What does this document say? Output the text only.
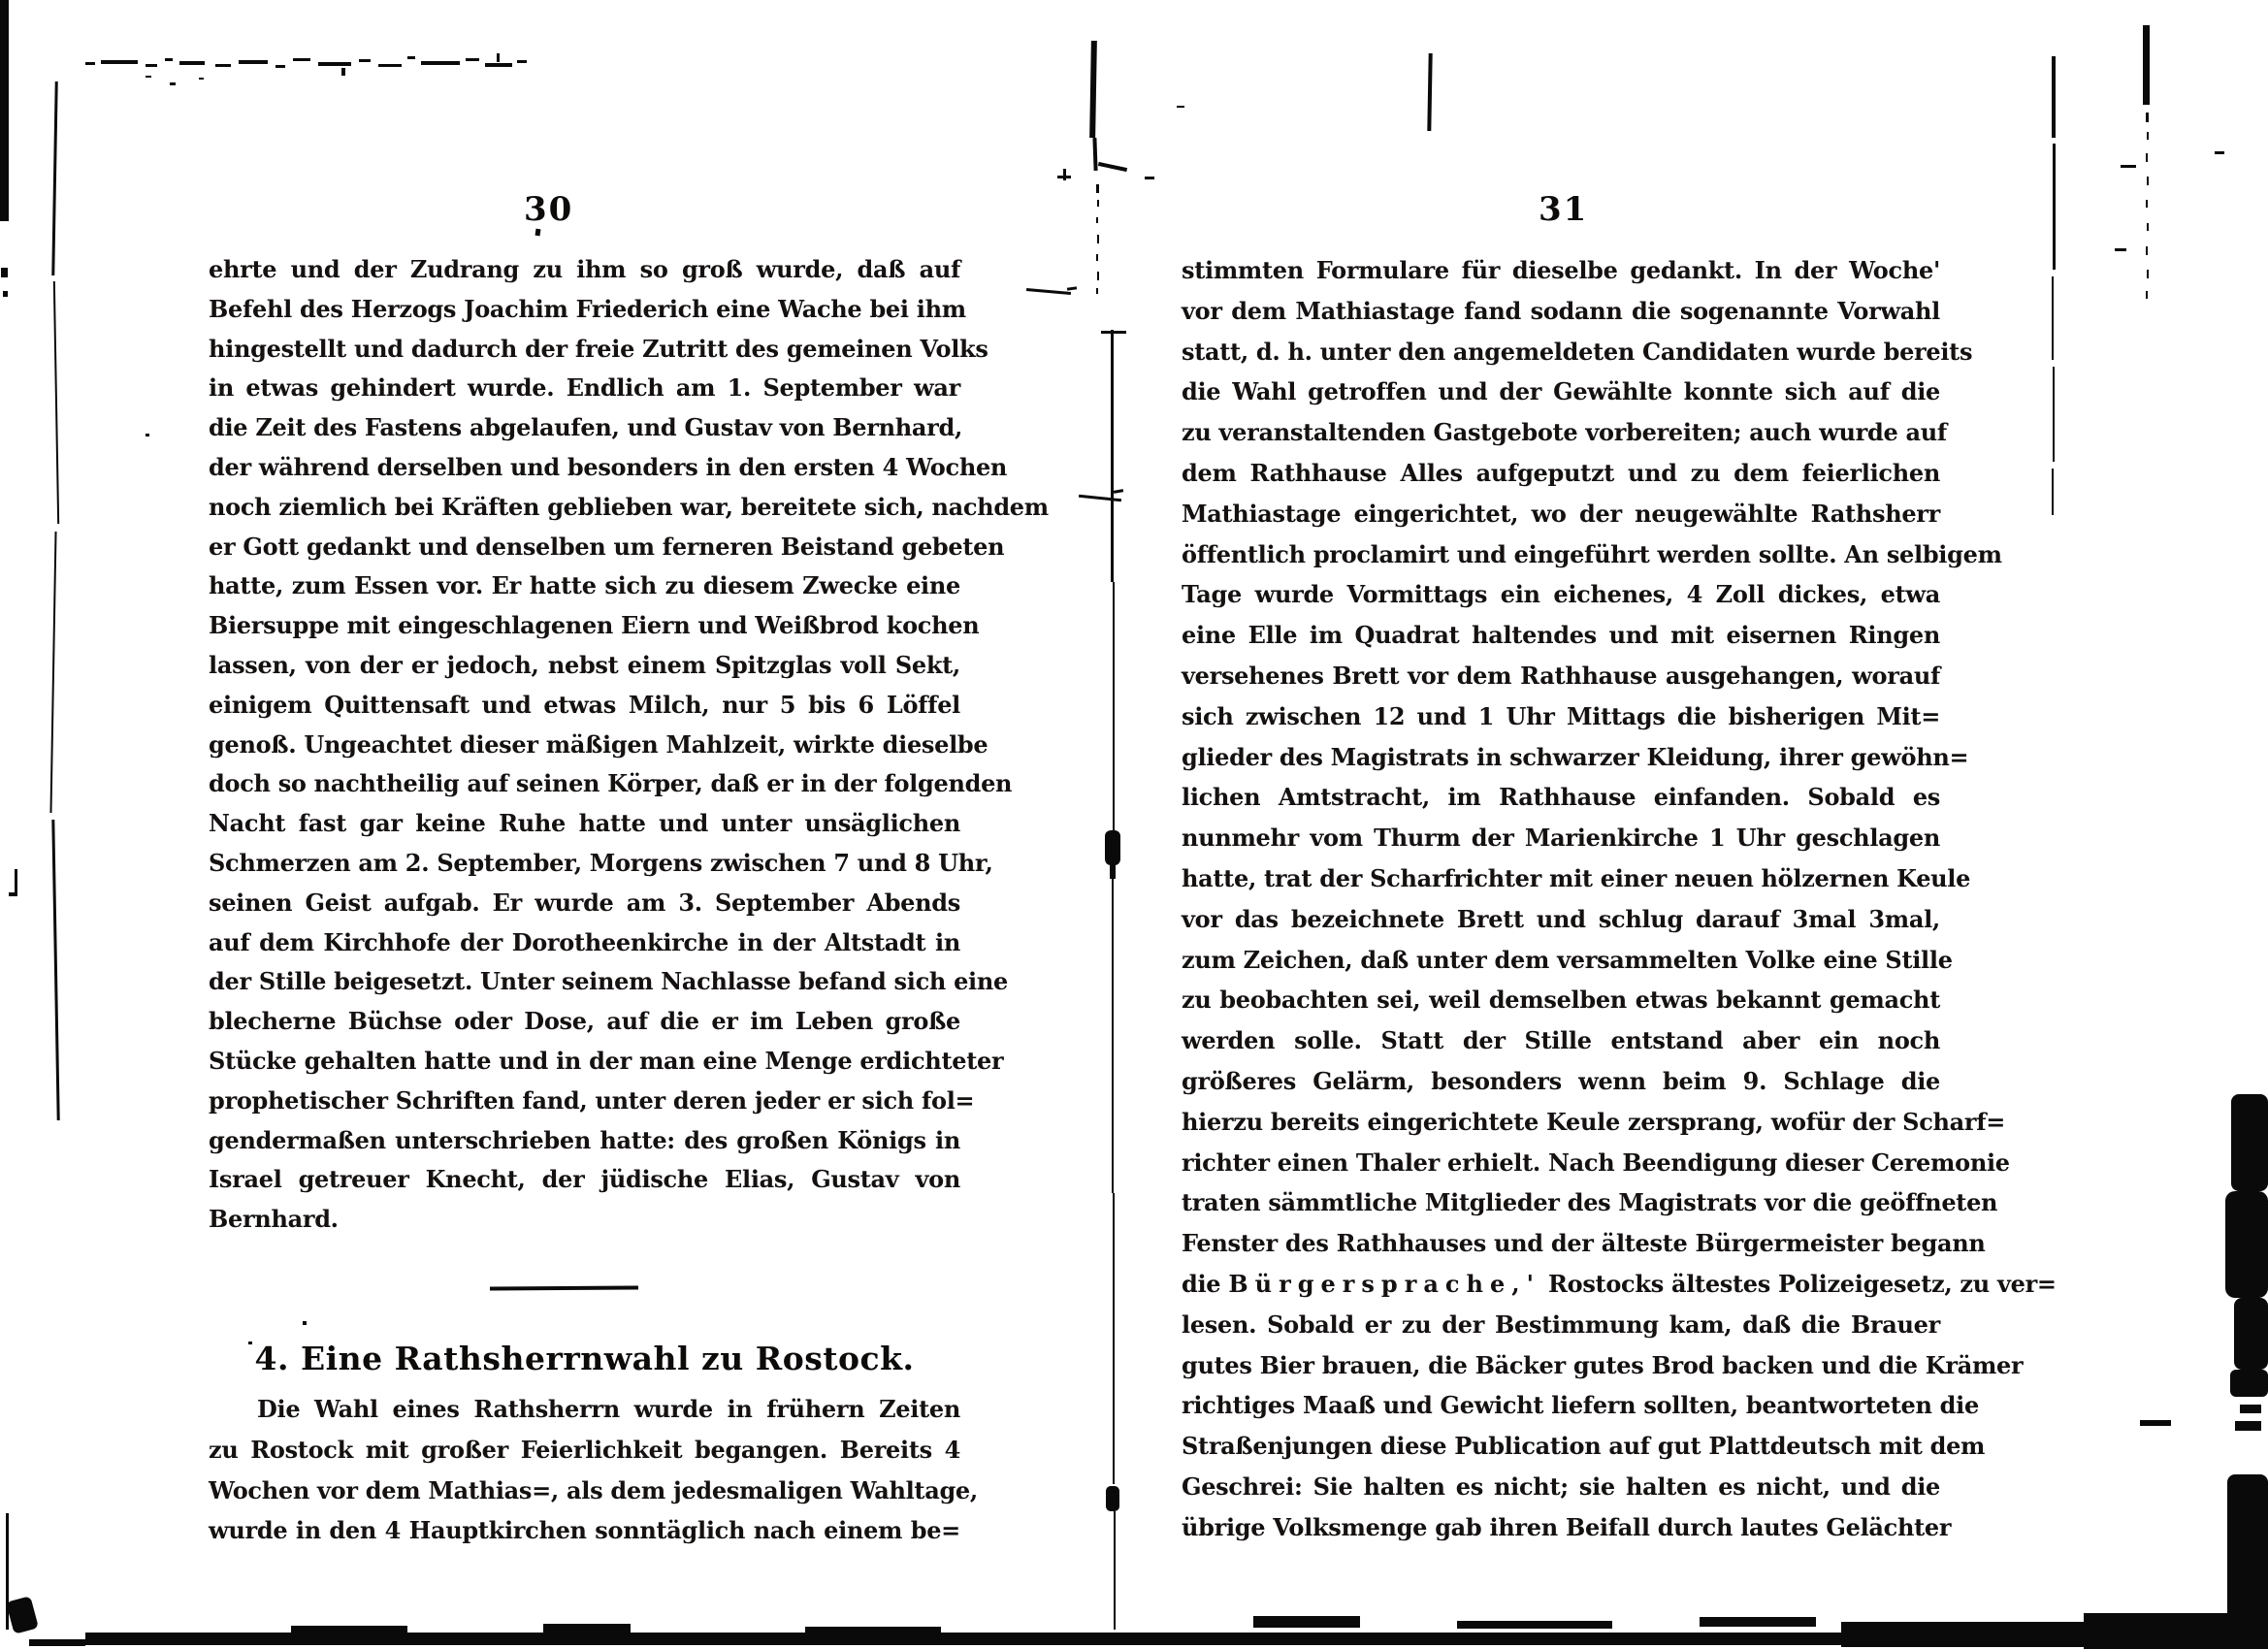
30	31
ehrte und der Zudrang zu ihm so groß wurde, daß auf
Befehl des Herzogs Joachim Friederich eine Wache bei ihm
hingestellt und dadurch der freie Zutritt des gemeinen Volks
in etwas gehindert wurde. Endlich am 1. September war
die Zeit des Fastens abgelaufen, und Gustav von Bernhard,
der während derselben und besonders in den ersten 4 Wochen
noch ziemlich bei Kräften geblieben war, bereitete sich, nachdem
er Gott gedankt und denselben um ferneren Beistand gebeten
hatte, zum Essen vor. Er hatte sich zu diesem Zwecke eine
Biersuppe mit eingeschlagenen Eiern und Weißbrod kochen
lassen, von der er jedoch, nebst einem Spitzglas voll Sekt,
einigem Quittensaft und etwas Milch, nur 5 bis 6 Löffel
genoß. Ungeachtet dieser mäßigen Mahlzeit, wirkte dieselbe
doch so nachtheilig auf seinen Körper, daß er in der folgenden
Nacht fast gar keine Ruhe hatte und unter unsäglichen
Schmerzen am 2. September, Morgens zwischen 7 und 8 Uhr,
seinen Geist aufgab. Er wurde am 3. September Abends
auf dem Kirchhofe der Dorotheenkirche in der Altstadt in
der Stille beigesetzt. Unter seinem Nachlasse befand sich eine
blecherne Büchse oder Dose, auf die er im Leben große
Stücke gehalten hatte und in der man eine Menge erdichteter
prophetischer Schriften fand, unter deren jeder er sich fol=
gendermaßen unterschrieben hatte: des großen Königs in
Israel getreuer Knecht, der jüdische Elias, Gustav von
Bernhard.
4. Eine Rathsherrnwahl zu Rostock.
Die Wahl eines Rathsherrn wurde in frühern Zeiten
zu Rostock mit großer Feierlichkeit begangen. Bereits 4
Wochen vor dem Mathias=, als dem jedesmaligen Wahltage,
wurde in den 4 Hauptkirchen sonntäglich nach einem be=
stimmten Formulare für dieselbe gedankt. In der Woche'
vor dem Mathiastage fand sodann die sogenannte Vorwahl
statt, d. h. unter den angemeldeten Candidaten wurde bereits
die Wahl getroffen und der Gewählte konnte sich auf die
zu veranstaltenden Gastgebote vorbereiten; auch wurde auf
dem Rathhause Alles aufgeputzt und zu dem feierlichen
Mathiastage eingerichtet, wo der neugewählte Rathsherr
öffentlich proclamirt und eingeführt werden sollte. An selbigem
Tage wurde Vormittags ein eichenes, 4 Zoll dickes, etwa
eine Elle im Quadrat haltendes und mit eisernen Ringen
versehenes Brett vor dem Rathhause ausgehangen, worauf
sich zwischen 12 und 1 Uhr Mittags die bisherigen Mit=
glieder des Magistrats in schwarzer Kleidung, ihrer gewöhn=
lichen Amtstracht, im Rathhause einfanden. Sobald es
nunmehr vom Thurm der Marienkirche 1 Uhr geschlagen
hatte, trat der Scharfrichter mit einer neuen hölzernen Keule
vor das bezeichnete Brett und schlug darauf 3mal 3mal,
zum Zeichen, daß unter dem versammelten Volke eine Stille
zu beobachten sei, weil demselben etwas bekannt gemacht
werden solle. Statt der Stille entstand aber ein noch
größeres Gelärm, besonders wenn beim 9. Schlage die
hierzu bereits eingerichtete Keule zersprang, wofür der Scharf=
richter einen Thaler erhielt. Nach Beendigung dieser Ceremonie
traten sämmtliche Mitglieder des Magistrats vor die geöffneten
Fenster des Rathhauses und der älteste Bürgermeister begann
die Bürgersprache,' Rostocks ältestes Polizeigesetz, zu ver=
lesen. Sobald er zu der Bestimmung kam, daß die Brauer
gutes Bier brauen, die Bäcker gutes Brod backen und die Krämer
richtiges Maaß und Gewicht liefern sollten, beantworteten die
Straßenjungen diese Publication auf gut Plattdeutsch mit dem
Geschrei: Sie halten es nicht; sie halten es nicht, und die
übrige Volksmenge gab ihren Beifall durch lautes Gelächter
